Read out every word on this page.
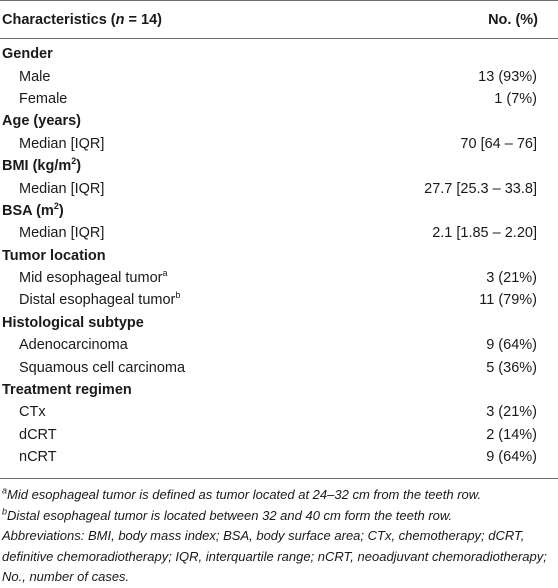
Characteristics (n = 14)	No. (%)
Gender
Male	13 (93%)
Female	1 (7%)
Age (years)
Median [IQR]	70 [64 – 76]
BMI $(kg/m^2)$
Median [IQR]	27.7 [25.3 – 33.8]
BSA $(m^2)$
Median [IQR]	2.1 [1.85 – 2.20]
Tumor location
Mid esophageal tumor$^a$	3 (21%)
Distal esophageal tumor$^b$	11 (79%)
Histological subtype
Adenocarcinoma	9 (64%)
Squamous cell carcinoma	5 (36%)
Treatment regimen
CTx	3 (21%)
dCRT	2 (14%)
nCRT	9 (64%)

$^a$Mid esophageal tumor is defined as tumor located at 24–32 cm from the teeth row.

$^b$Distal esophageal tumor is located between 32 and 40 cm form the teeth row.

Abbreviations: BMI, body mass index; BSA, body surface area; CTx, chemotherapy; dCRT, definitive chemoradiotherapy; IQR, interquartile range; nCRT, neoadjuvant chemoradiotherapy; No., number of cases.
